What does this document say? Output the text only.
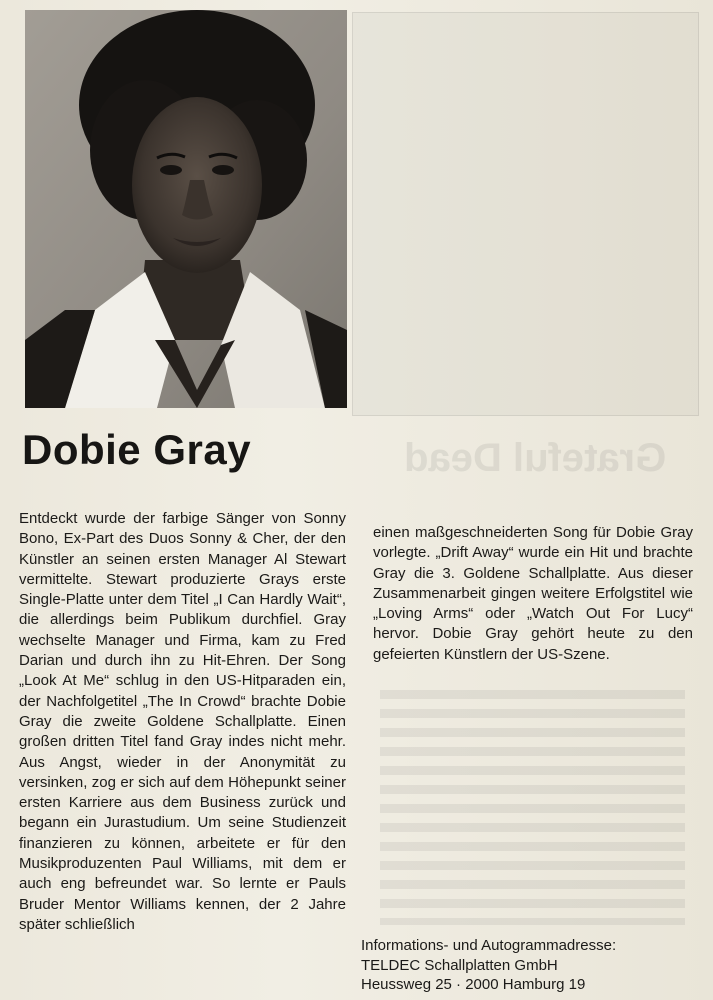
Grateful Dead
Dobie Gray

Entdeckt wurde der farbige Sänger von Sonny Bono, Ex-Part des Duos Sonny & Cher, der den Künstler an seinen ersten Manager Al Stewart vermittelte. Stewart produzierte Grays erste Single-Platte unter dem Titel „I Can Hardly Wait“, die allerdings beim Publikum durchfiel. Gray wechselte Manager und Firma, kam zu Fred Darian und durch ihn zu Hit-Ehren. Der Song „Look At Me“ schlug in den US-Hitparaden ein, der Nachfolgetitel „The In Crowd“ brachte Dobie Gray die zweite Goldene Schallplatte. Einen großen dritten Titel fand Gray indes nicht mehr. Aus Angst, wieder in der Anonymität zu versinken, zog er sich auf dem Höhepunkt seiner ersten Karriere aus dem Business zurück und begann ein Jurastudium. Um seine Studienzeit finanzieren zu können, arbeitete er für den Musikproduzenten Paul Williams, mit dem er auch eng befreundet war. So lernte er Pauls Bruder Mentor Williams kennen, der 2 Jahre später schließlich

einen maßgeschneiderten Song für Dobie Gray vorlegte. „Drift Away“ wurde ein Hit und brachte Gray die 3. Goldene Schallplatte. Aus dieser Zusammenarbeit gingen weitere Erfolgstitel wie „Loving Arms“ oder „Watch Out For Lucy“ hervor. Dobie Gray gehört heute zu den gefeierten Künstlern der US-Szene.

Informations- und Autogrammadresse:
TELDEC Schallplatten GmbH
Heussweg 25 · 2000 Hamburg 19
